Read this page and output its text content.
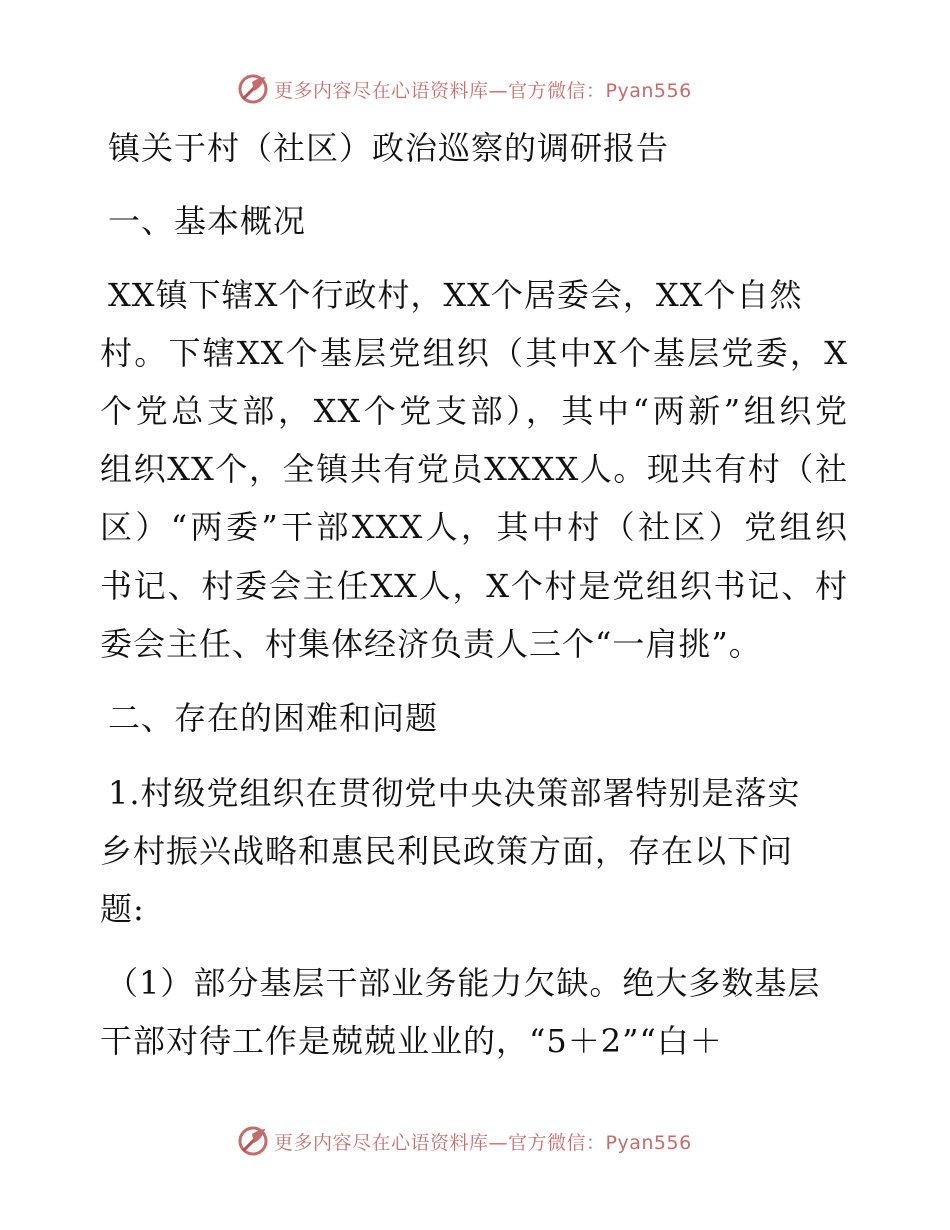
更多内容尽在心语资料库—官方微信：Pyan556
镇关于村（社区）政治巡察的调研报告
一、基本概况
XX镇下辖X个行政村，XX个居委会，XX个自然
村。下辖XX个基层党组织（其中X个基层党委，X
个党总支部，XX个党支部），其中“两新”组织党
组织XX个，全镇共有党员XXXX人。现共有村（社
区）“两委”干部XXX人，其中村（社区）党组织
书记、村委会主任XX人，X个村是党组织书记、村
委会主任、村集体经济负责人三个“一肩挑”。
二、存在的困难和问题
1.村级党组织在贯彻党中央决策部署特别是落实
乡村振兴战略和惠民利民政策方面，存在以下问
题:
（1）部分基层干部业务能力欠缺。绝大多数基层
干部对待工作是兢兢业业的，“5＋2”“白＋
更多内容尽在心语资料库—官方微信：Pyan556
